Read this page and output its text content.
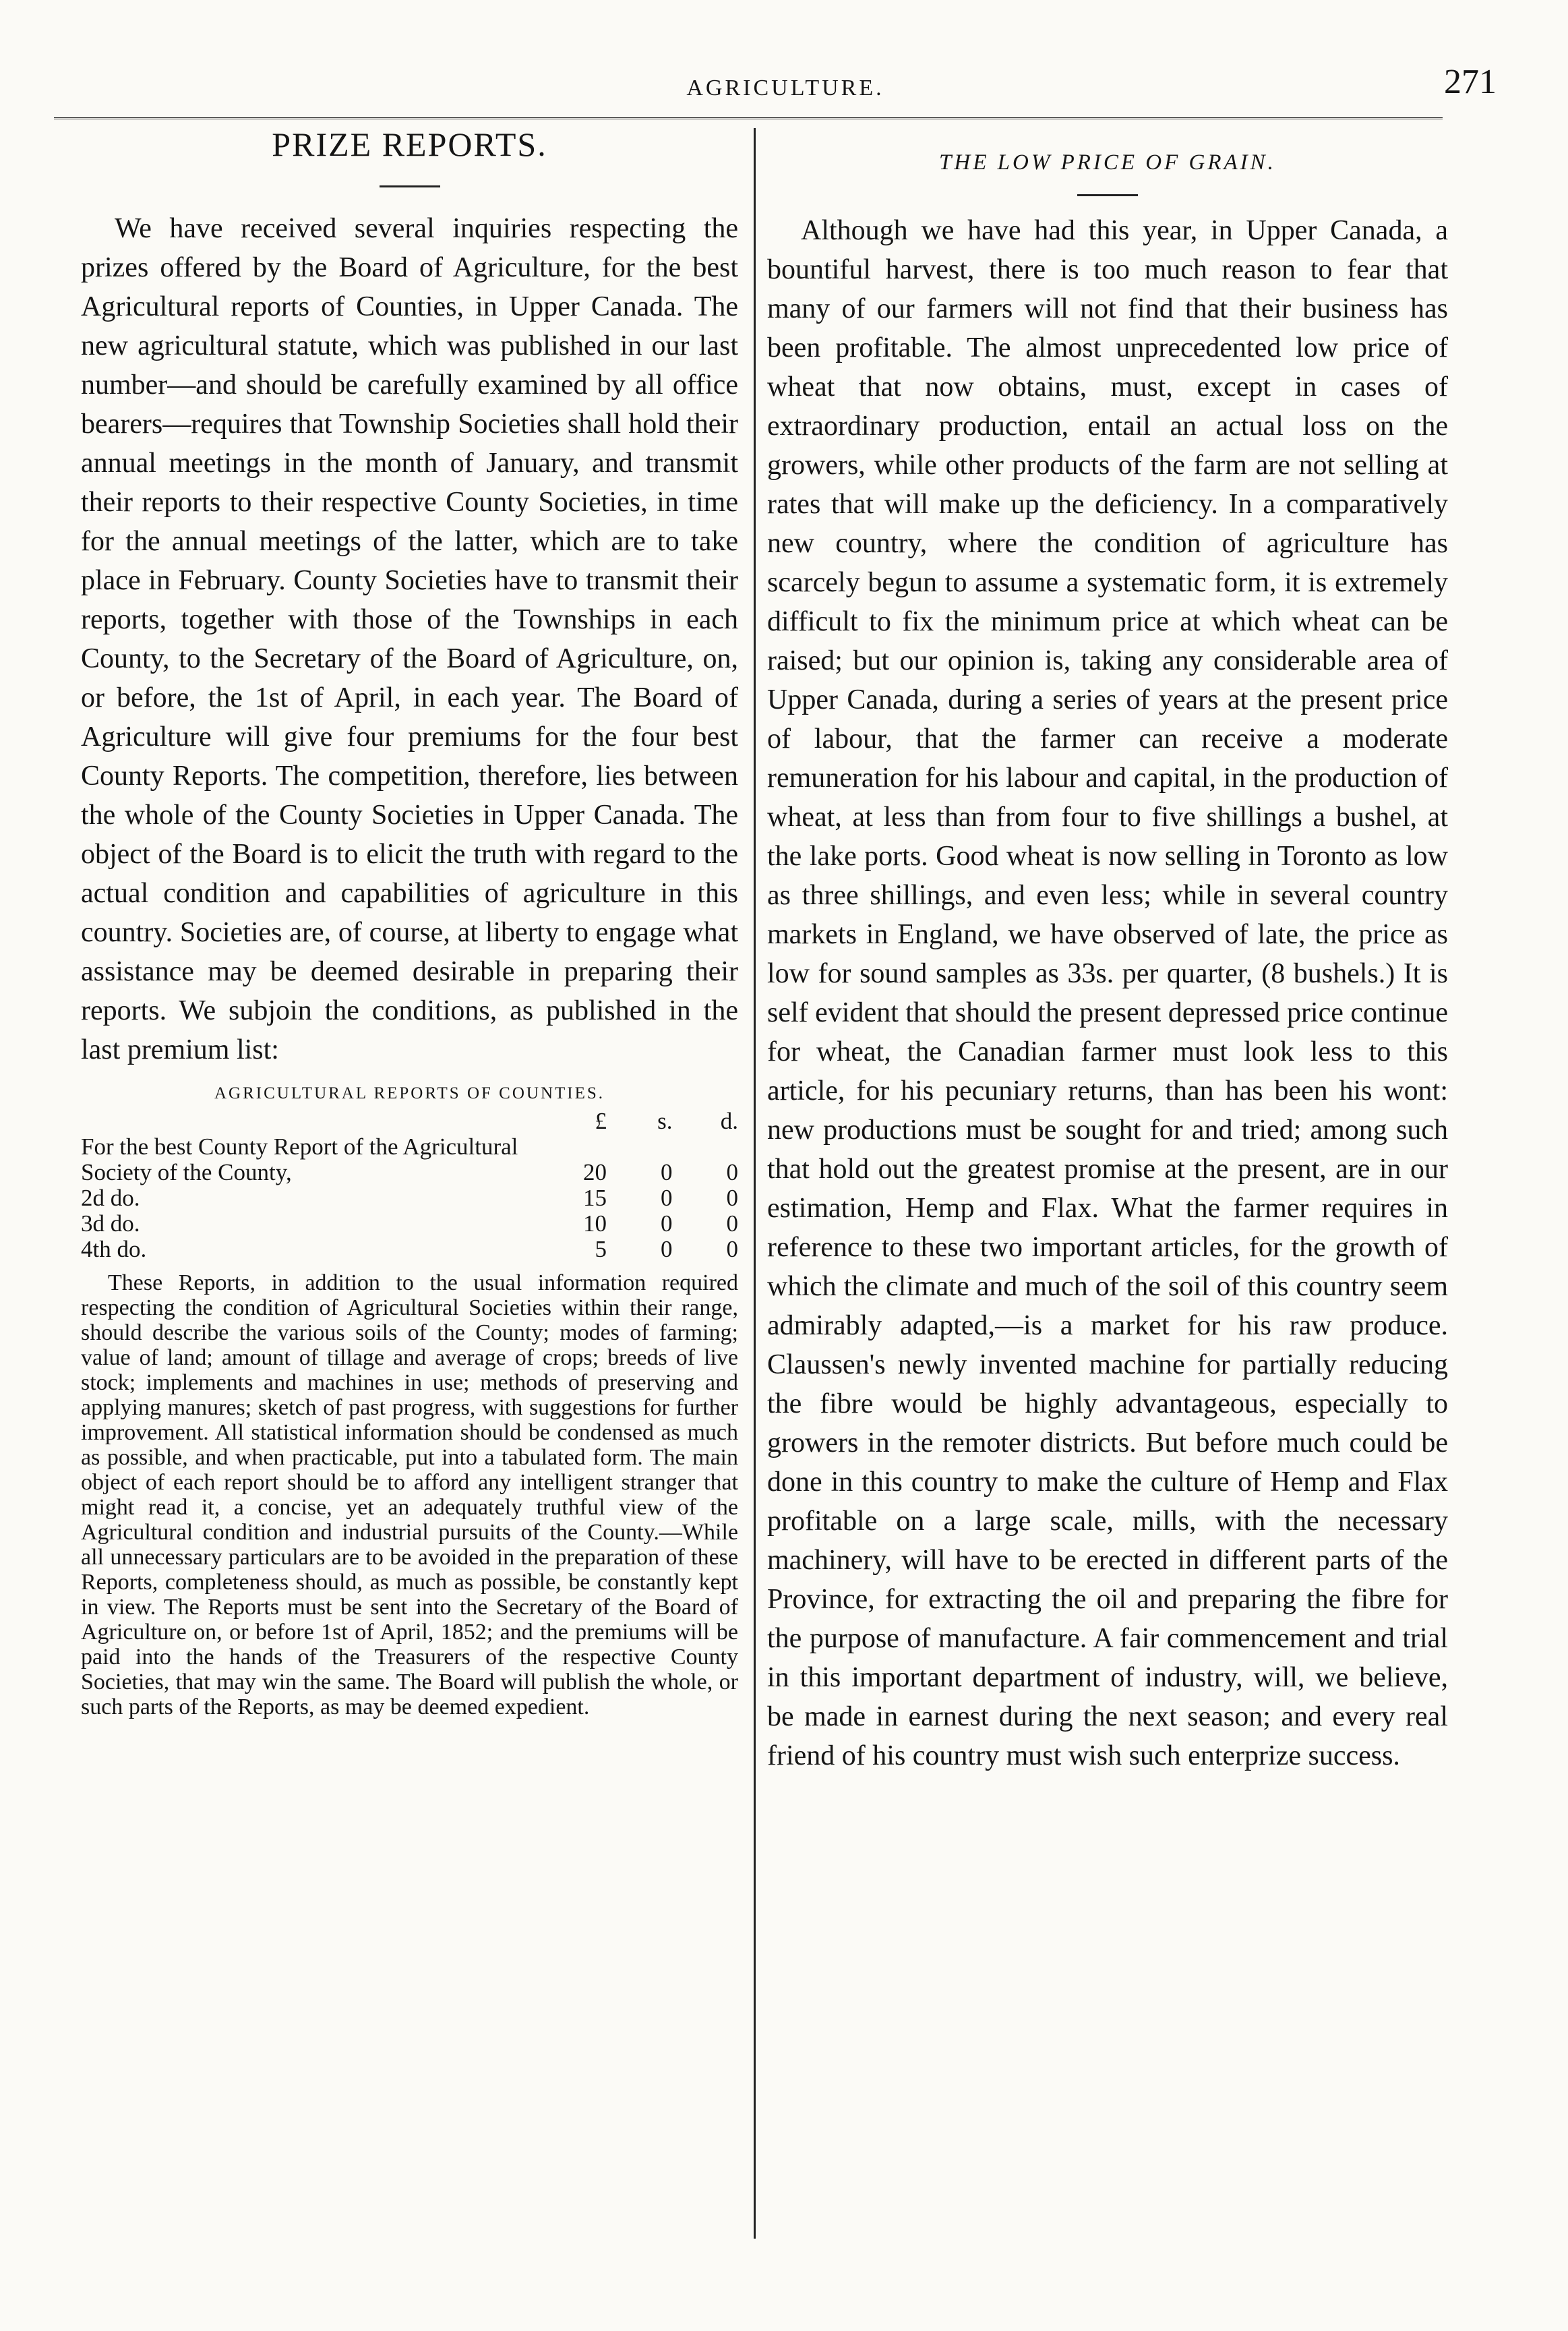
AGRICULTURE.	271
PRIZE REPORTS.

We have received several inquiries respecting the prizes offered by the Board of Agriculture, for the best Agricultural reports of Counties, in Upper Canada. The new agricultural statute, which was published in our last number—and should be carefully examined by all office bearers—requires that Township Societies shall hold their annual meetings in the month of January, and transmit their reports to their respective County Societies, in time for the annual meetings of the latter, which are to take place in February. County Societies have to transmit their reports, together with those of the Townships in each County, to the Secretary of the Board of Agriculture, on, or before, the 1st of April, in each year. The Board of Agriculture will give four premiums for the four best County Reports. The competition, therefore, lies between the whole of the County Societies in Upper Canada. The object of the Board is to elicit the truth with regard to the actual condition and capabilities of agriculture in this country. Societies are, of course, at liberty to engage what assistance may be deemed desirable in preparing their reports. We subjoin the conditions, as published in the last premium list:

AGRICULTURAL REPORTS OF COUNTIES.
	£	s.	d.
For the best County Report of the Agricultural Society of the County,	20	0	0
2d do.	15	0	0
3d do.	10	0	0
4th do.	5	0	0

These Reports, in addition to the usual information required respecting the condition of Agricultural Societies within their range, should describe the various soils of the County; modes of farming; value of land; amount of tillage and average of crops; breeds of live stock; implements and machines in use; methods of preserving and applying manures; sketch of past progress, with suggestions for further improvement. All statistical information should be condensed as much as possible, and when practicable, put into a tabulated form. The main object of each report should be to afford any intelligent stranger that might read it, a concise, yet an adequately truthful view of the Agricultural condition and industrial pursuits of the County.—While all unnecessary particulars are to be avoided in the preparation of these Reports, completeness should, as much as possible, be constantly kept in view. The Reports must be sent into the Secretary of the Board of Agriculture on, or before 1st of April, 1852; and the premiums will be paid into the hands of the Treasurers of the respective County Societies, that may win the same. The Board will publish the whole, or such parts of the Reports, as may be deemed expedient.

THE LOW PRICE OF GRAIN.

Although we have had this year, in Upper Canada, a bountiful harvest, there is too much reason to fear that many of our farmers will not find that their business has been profitable. The almost unprecedented low price of wheat that now obtains, must, except in cases of extraordinary production, entail an actual loss on the growers, while other products of the farm are not selling at rates that will make up the deficiency. In a comparatively new country, where the condition of agriculture has scarcely begun to assume a systematic form, it is extremely difficult to fix the minimum price at which wheat can be raised; but our opinion is, taking any considerable area of Upper Canada, during a series of years at the present price of labour, that the farmer can receive a moderate remuneration for his labour and capital, in the production of wheat, at less than from four to five shillings a bushel, at the lake ports. Good wheat is now selling in Toronto as low as three shillings, and even less; while in several country markets in England, we have observed of late, the price as low for sound samples as 33s. per quarter, (8 bushels.) It is self evident that should the present depressed price continue for wheat, the Canadian farmer must look less to this article, for his pecuniary returns, than has been his wont: new productions must be sought for and tried; among such that hold out the greatest promise at the present, are in our estimation, Hemp and Flax. What the farmer requires in reference to these two important articles, for the growth of which the climate and much of the soil of this country seem admirably adapted,—is a market for his raw produce. Claussen's newly invented machine for partially reducing the fibre would be highly advantageous, especially to growers in the remoter districts. But before much could be done in this country to make the culture of Hemp and Flax profitable on a large scale, mills, with the necessary machinery, will have to be erected in different parts of the Province, for extracting the oil and preparing the fibre for the purpose of manufacture. A fair commencement and trial in this important department of industry, will, we believe, be made in earnest during the next season; and every real friend of his country must wish such enterprize success.
